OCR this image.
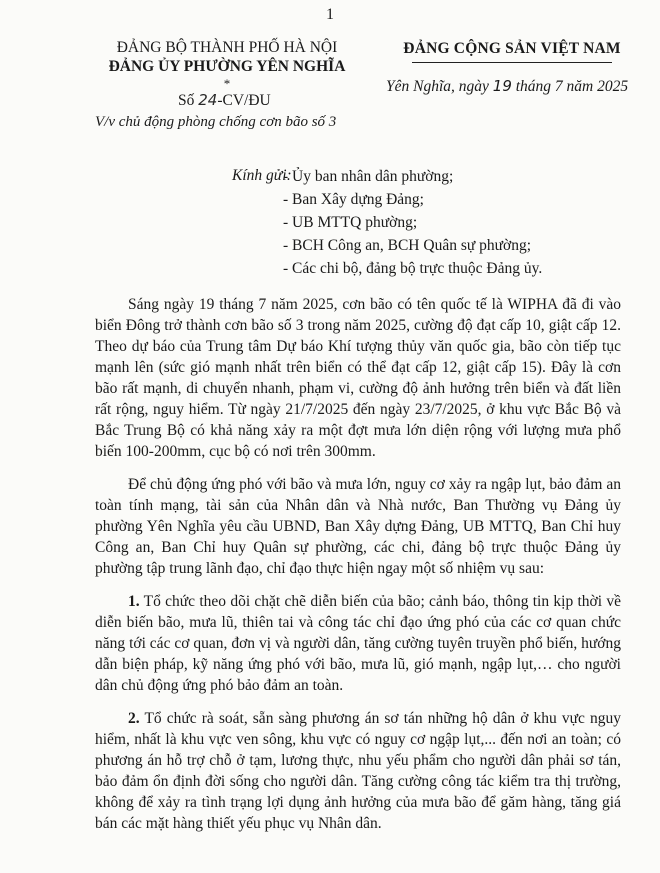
1
ĐẢNG BỘ THÀNH PHỐ HÀ NỘI
ĐẢNG ỦY PHƯỜNG YÊN NGHĨA
*
ĐẢNG CỘNG SẢN VIỆT NAM
Yên Nghĩa, ngày 19 tháng 7 năm 2025
Số 24-CV/ĐU
V/v chủ động phòng chống cơn bão số 3
Kính gửi:
- Ủy ban nhân dân phường;
- Ban Xây dựng Đảng;
- UB MTTQ phường;
- BCH Công an, BCH Quân sự phường;
- Các chi bộ, đảng bộ trực thuộc Đảng ủy.

Sáng ngày 19 tháng 7 năm 2025, cơn bão có tên quốc tế là WIPHA đã đi vào biển Đông trở thành cơn bão số 3 trong năm 2025, cường độ đạt cấp 10, giật cấp 12. Theo dự báo của Trung tâm Dự báo Khí tượng thủy văn quốc gia, bão còn tiếp tục mạnh lên (sức gió mạnh nhất trên biển có thể đạt cấp 12, giật cấp 15). Đây là cơn bão rất mạnh, di chuyển nhanh, phạm vi, cường độ ảnh hưởng trên biển và đất liền rất rộng, nguy hiểm. Từ ngày 21/7/2025 đến ngày 23/7/2025, ở khu vực Bắc Bộ và Bắc Trung Bộ có khả năng xảy ra một đợt mưa lớn diện rộng với lượng mưa phổ biến 100-200mm, cục bộ có nơi trên 300mm.

Để chủ động ứng phó với bão và mưa lớn, nguy cơ xảy ra ngập lụt, bảo đảm an toàn tính mạng, tài sản của Nhân dân và Nhà nước, Ban Thường vụ Đảng ủy phường Yên Nghĩa yêu cầu UBND, Ban Xây dựng Đảng, UB MTTQ, Ban Chỉ huy Công an, Ban Chỉ huy Quân sự phường, các chi, đảng bộ trực thuộc Đảng ủy phường tập trung lãnh đạo, chỉ đạo thực hiện ngay một số nhiệm vụ sau:

1. Tổ chức theo dõi chặt chẽ diễn biến của bão; cảnh báo, thông tin kịp thời về diễn biến bão, mưa lũ, thiên tai và công tác chỉ đạo ứng phó của các cơ quan chức năng tới các cơ quan, đơn vị và người dân, tăng cường tuyên truyền phổ biến, hướng dẫn biện pháp, kỹ năng ứng phó với bão, mưa lũ, gió mạnh, ngập lụt,… cho người dân chủ động ứng phó bảo đảm an toàn.

2. Tổ chức rà soát, sẵn sàng phương án sơ tán những hộ dân ở khu vực nguy hiểm, nhất là khu vực ven sông, khu vực có nguy cơ ngập lụt,... đến nơi an toàn; có phương án hỗ trợ chỗ ở tạm, lương thực, nhu yếu phẩm cho người dân phải sơ tán, bảo đảm ổn định đời sống cho người dân. Tăng cường công tác kiểm tra thị trường, không để xảy ra tình trạng lợi dụng ảnh hưởng của mưa bão để găm hàng, tăng giá bán các mặt hàng thiết yếu phục vụ Nhân dân.
